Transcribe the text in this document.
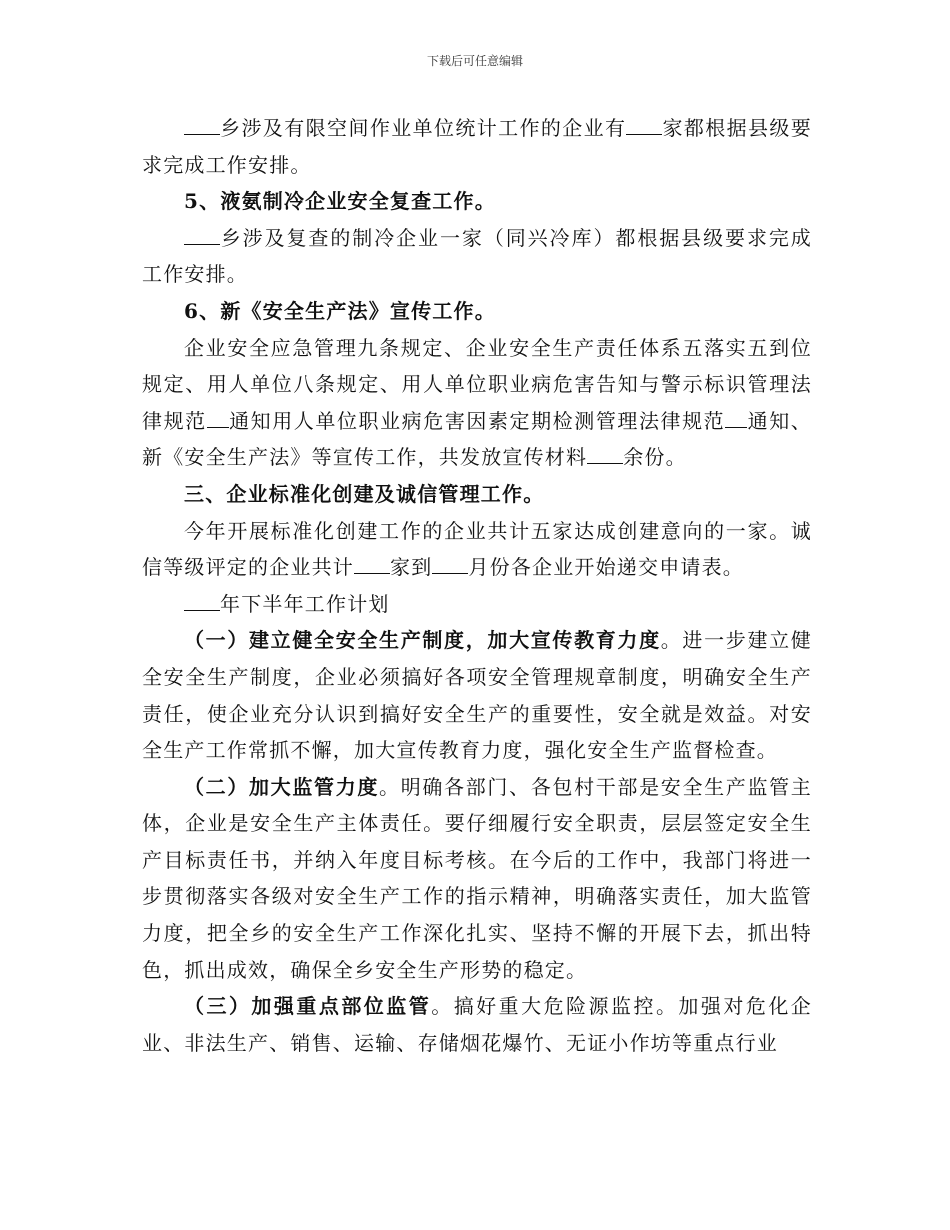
下载后可任意编辑

乡涉及有限空间作业单位统计工作的企业有 家都根据县级要求完成工作安排。

5、液氨制冷企业安全复查工作。

乡涉及复查的制冷企业一家（同兴冷库）都根据县级要求完成工作安排。

6、新《安全生产法》宣传工作。

企业安全应急管理九条规定、企业安全生产责任体系五落实五到位规定、用人单位八条规定、用人单位职业病危害告知与警示标识管理法律规范 通知用人单位职业病危害因素定期检测管理法律规范 通知、新《安全生产法》等宣传工作，共发放宣传材料 余份。

三、企业标准化创建及诚信管理工作。

今年开展标准化创建工作的企业共计五家达成创建意向的一家。诚信等级评定的企业共计 家到 月份各企业开始递交申请表。

年下半年工作计划

（一）建立健全安全生产制度，加大宣传教育力度。进一步建立健全安全生产制度，企业必须搞好各项安全管理规章制度，明确安全生产责任，使企业充分认识到搞好安全生产的重要性，安全就是效益。对安全生产工作常抓不懈，加大宣传教育力度，强化安全生产监督检查。

（二）加大监管力度。明确各部门、各包村干部是安全生产监管主体，企业是安全生产主体责任。要仔细履行安全职责，层层签定安全生产目标责任书，并纳入年度目标考核。在今后的工作中，我部门将进一步贯彻落实各级对安全生产工作的指示精神，明确落实责任，加大监管力度，把全乡的安全生产工作深化扎实、坚持不懈的开展下去，抓出特色，抓出成效，确保全乡安全生产形势的稳定。

（三）加强重点部位监管。搞好重大危险源监控。加强对危化企业、非法生产、销售、运输、存储烟花爆竹、无证小作坊等重点行业
